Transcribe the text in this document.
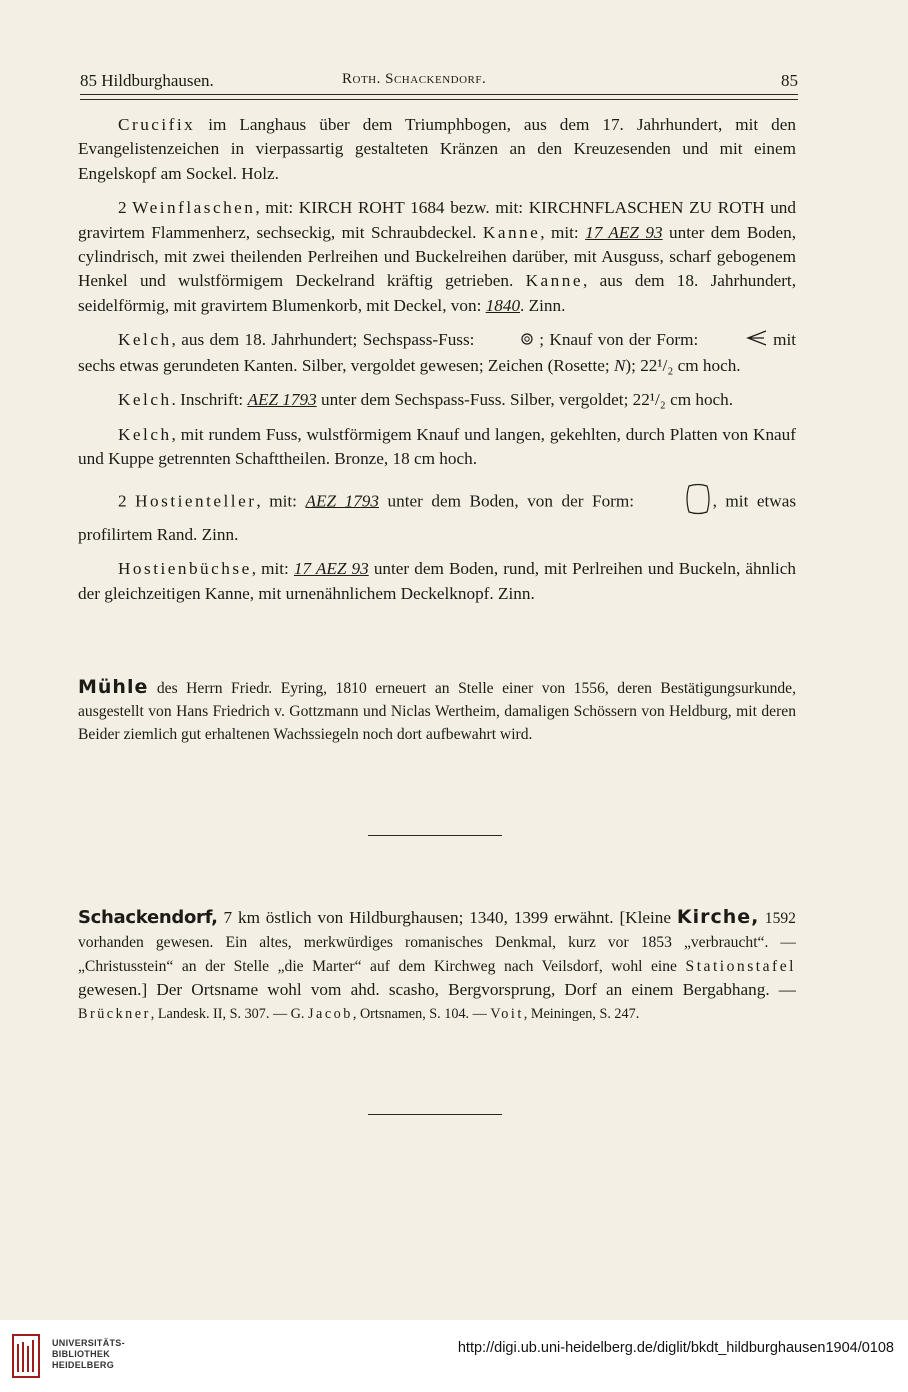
85 Hildburghausen.	Roth. Schackendorf.	85

Crucifix im Langhaus über dem Triumphbogen, aus dem 17. Jahrhundert, mit den Evangelistenzeichen in vierpassartig gestalteten Kränzen an den Kreuzesenden und mit einem Engelskopf am Sockel. Holz.

2 Weinflaschen, mit: KIRCH ROHT 1684 bezw. mit: KIRCHNFLASCHEN ZU ROTH und gravirtem Flammenherz, sechseckig, mit Schraubdeckel. Kanne, mit: 17 AEZ 93 unter dem Boden, cylindrisch, mit zwei theilenden Perlreihen und Buckelreihen darüber, mit Ausguss, scharf gebogenem Henkel und wulstförmigem Deckelrand kräftig getrieben. Kanne, aus dem 18. Jahrhundert, seidelförmig, mit gravirtem Blumenkorb, mit Deckel, von: 1840. Zinn.

Kelch, aus dem 18. Jahrhundert; Sechspass-Fuss:	; Knauf von der Form:	mit sechs etwas gerundeten Kanten. Silber, vergoldet gewesen; Zeichen (Rosette; N); 22¹/₂ cm hoch.

Kelch. Inschrift: AEZ 1793 unter dem Sechspass-Fuss. Silber, vergoldet; 22¹/₂ cm hoch.

Kelch, mit rundem Fuss, wulstförmigem Knauf und langen, gekehlten, durch Platten von Knauf und Kuppe getrennten Schafttheilen. Bronze, 18 cm hoch.

2 Hostienteller, mit: AEZ 1793 unter dem Boden, von der Form:	, mit etwas profilirtem Rand. Zinn.

Hostienbüchse, mit: 17 AEZ 93 unter dem Boden, rund, mit Perlreihen und Buckeln, ähnlich der gleichzeitigen Kanne, mit urnenähnlichem Deckelknopf. Zinn.

Mühle des Herrn Friedr. Eyring, 1810 erneuert an Stelle einer von 1556, deren Bestätigungsurkunde, ausgestellt von Hans Friedrich v. Gottzmann und Niclas Wertheim, damaligen Schössern von Heldburg, mit deren Beider ziemlich gut erhaltenen Wachssiegeln noch dort aufbewahrt wird.

Schackendorf, 7 km östlich von Hildburghausen; 1340, 1399 erwähnt. [Kleine Kirche, 1592 vorhanden gewesen. Ein altes, merkwürdiges romanisches Denkmal, kurz vor 1853 „verbraucht“. — „Christusstein“ an der Stelle „die Marter“ auf dem Kirchweg nach Veilsdorf, wohl eine Stationstafel gewesen.] Der Ortsname wohl vom ahd. scasho, Bergvorsprung, Dorf an einem Bergabhang. — Brückner, Landesk. II, S. 307. — G. Jacob, Ortsnamen, S. 104. — Voit, Meiningen, S. 247.

UNIVERSITÄTS-
BIBLIOTHEK
HEIDELBERG
http://digi.ub.uni-heidelberg.de/diglit/bkdt_hildburghausen1904/0108
